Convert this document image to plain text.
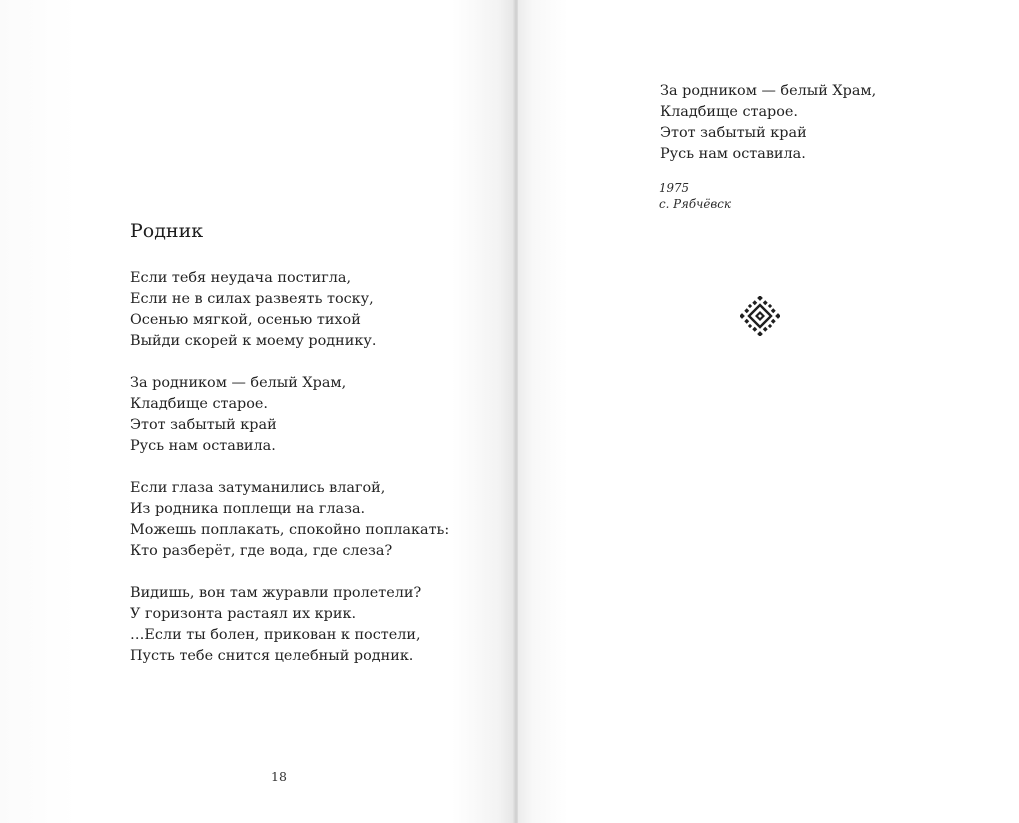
Родник
Если тебя неудача постигла,
Если не в силах развеять тоску,
Осенью мягкой, осенью тихой
Выйди скорей к моему роднику.
За родником — белый Храм,
Кладбище старое.
Этот забытый край
Русь нам оставила.
Если глаза затуманились влагой,
Из родника поплещи на глаза.
Можешь поплакать, спокойно поплакать:
Кто разберёт, где вода, где слеза?
Видишь, вон там журавли пролетели?
У горизонта растаял их крик.
…Если ты болен, прикован к постели,
Пусть тебе снится целебный родник.
18
За родником — белый Храм,
Кладбище старое.
Этот забытый край
Русь нам оставила.
1975
с. Рябчёвск
